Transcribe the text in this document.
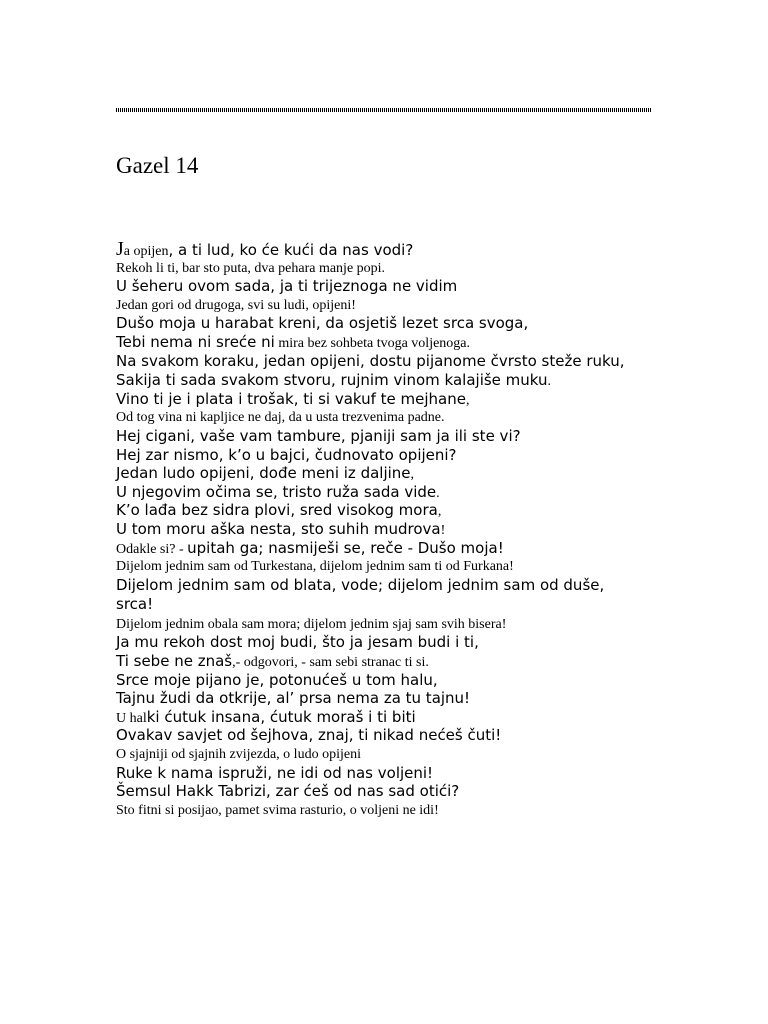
Gazel 14
Ja opijen, a ti lud, ko će kući da nas vodi?
Rekoh li ti, bar sto puta, dva pehara manje popi.
U šeheru ovom sada, ja ti trijeznoga ne vidim
Jedan gori od drugoga, svi su ludi, opijeni!
Dušo moja u harabat kreni, da osjetiš lezet srca svoga,
Tebi nema ni sreće ni mira bez sohbeta tvoga voljenoga.
Na svakom koraku, jedan opijeni, dostu pijanome čvrsto steže ruku,
Sakija ti sada svakom stvoru, rujnim vinom kalajiše muku.
Vino ti je i plata i trošak, ti si vakuf te mejhane,
Od tog vina ni kapljice ne daj, da u usta trezvenima padne.
Hej cigani, vaše vam tambure, pjaniji sam ja ili ste vi?
Hej zar nismo, k’o u bajci, čudnovato opijeni?
Jedan ludo opijeni, dođe meni iz daljine,
U njegovim očima se, tristo ruža sada vide.
K’o lađa bez sidra plovi, sred visokog mora,
U tom moru aška nesta, sto suhih mudrova!
Odakle si? - upitah ga; nasmiješi se, reče - Dušo moja!
Dijelom jednim sam od Turkestana, dijelom jednim sam ti od Furkana!
Dijelom jednim sam od blata, vode; dijelom jednim sam od duše, srca!
Dijelom jednim obala sam mora; dijelom jednim sjaj sam svih bisera!
Ja mu rekoh dost moj budi, što ja jesam budi i ti,
Ti sebe ne znaš,- odgovori, - sam sebi stranac ti si.
Srce moje pijano je, potonućeš u tom halu,
Tajnu žudi da otkrije, al’ prsa nema za tu tajnu!
U halki ćutuk insana, ćutuk moraš i ti biti
Ovakav savjet od šejhova, znaj, ti nikad nećeš čuti!
O sjajniji od sjajnih zvijezda, o ludo opijeni
Ruke k nama ispruži, ne idi od nas voljeni!
Šemsul Hakk Tabrizi, zar ćeš od nas sad otići?
Sto fitni si posijao, pamet svima rasturio, o voljeni ne idi!
